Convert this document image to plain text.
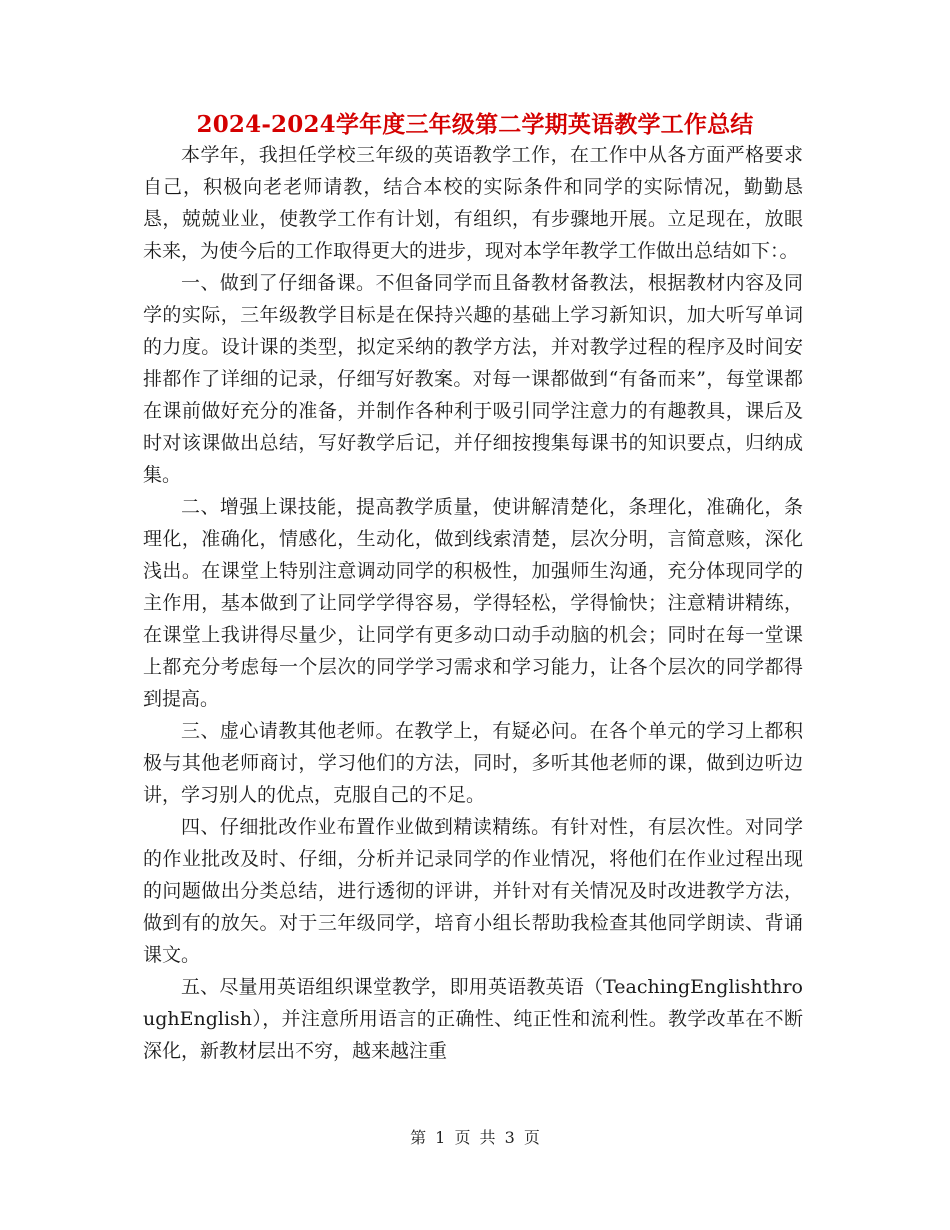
2024-2024学年度三年级第二学期英语教学工作总结

本学年，我担任学校三年级的英语教学工作，在工作中从各方面严格要求自己，积极向老老师请教，结合本校的实际条件和同学的实际情况，勤勤恳恳，兢兢业业，使教学工作有计划，有组织，有步骤地开展。立足现在，放眼未来，为使今后的工作取得更大的进步，现对本学年教学工作做出总结如下：。

一、做到了仔细备课。不但备同学而且备教材备教法，根据教材内容及同学的实际，三年级教学目标是在保持兴趣的基础上学习新知识，加大听写单词的力度。设计课的类型，拟定采纳的教学方法，并对教学过程的程序及时间安排都作了详细的记录，仔细写好教案。对每一课都做到“有备而来”，每堂课都在课前做好充分的准备，并制作各种利于吸引同学注意力的有趣教具，课后及时对该课做出总结，写好教学后记，并仔细按搜集每课书的知识要点，归纳成集。

二、增强上课技能，提高教学质量，使讲解清楚化，条理化，准确化，条理化，准确化，情感化，生动化，做到线索清楚，层次分明，言简意赅，深化浅出。在课堂上特别注意调动同学的积极性，加强师生沟通，充分体现同学的主作用，基本做到了让同学学得容易，学得轻松，学得愉快；注意精讲精练，在课堂上我讲得尽量少，让同学有更多动口动手动脑的机会；同时在每一堂课上都充分考虑每一个层次的同学学习需求和学习能力，让各个层次的同学都得到提高。

三、虚心请教其他老师。在教学上，有疑必问。在各个单元的学习上都积极与其他老师商讨，学习他们的方法，同时，多听其他老师的课，做到边听边讲，学习别人的优点，克服自己的不足。

四、仔细批改作业布置作业做到精读精练。有针对性，有层次性。对同学的作业批改及时、仔细，分析并记录同学的作业情况，将他们在作业过程出现的问题做出分类总结，进行透彻的评讲，并针对有关情况及时改进教学方法，做到有的放矢。对于三年级同学，培育小组长帮助我检查其他同学朗读、背诵课文。

五、尽量用英语组织课堂教学，即用英语教英语（TeachingEnglishthroughEnglish），并注意所用语言的正确性、纯正性和流利性。教学改革在不断深化，新教材层出不穷，越来越注重

第 1 页 共 3 页
